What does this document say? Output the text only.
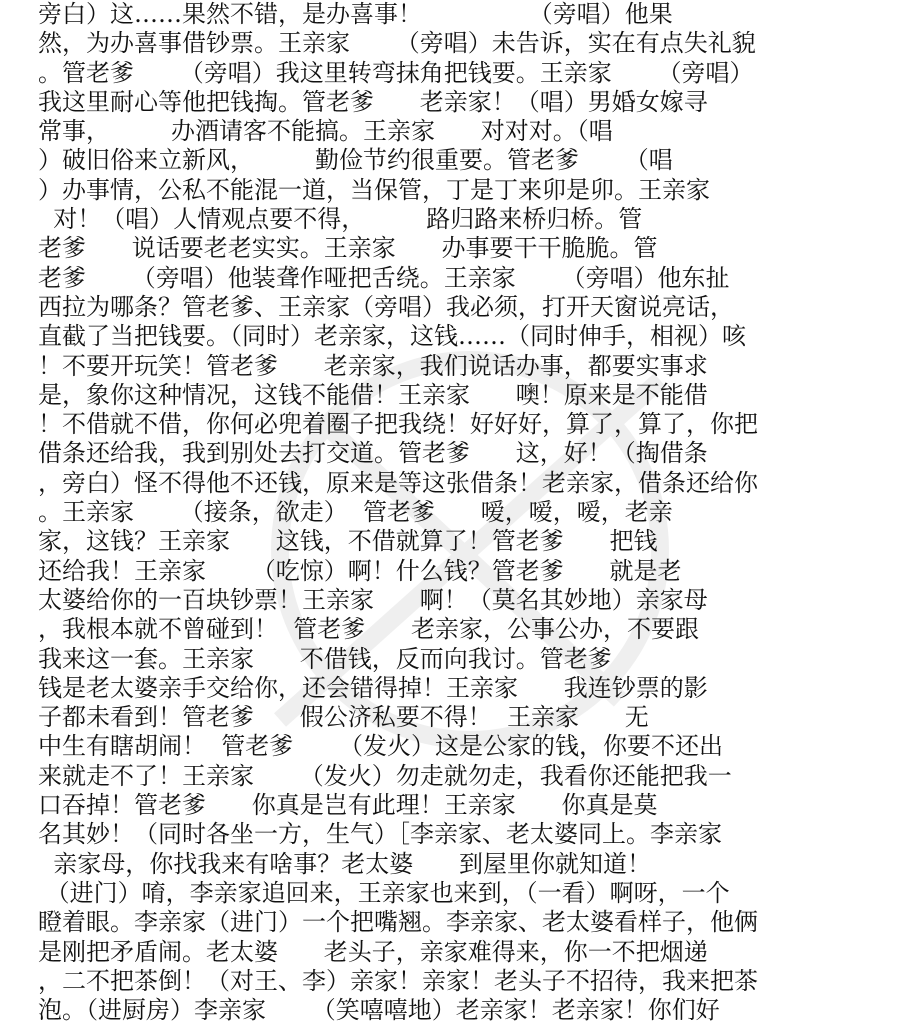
旁白）这……果然不错，是办喜事！              （旁唱）他果
然，为办喜事借钞票。王亲家      （旁唱）未告诉，实在有点失礼貌
。管老爹      （旁唱）我这里转弯抹角把钱要。王亲家      （旁唱）
我这里耐心等他把钱掏。管老爹      老亲家！（唱）男婚女嫁寻
常事，        办酒请客不能搞。王亲家      对对对。（唱
）破旧俗来立新风，        勤俭节约很重要。管老爹      （唱
）办事情，公私不能混一道，当保管，丁是丁来卯是卯。王亲家
对！（唱）人情观点要不得，        路归路来桥归桥。管
老爹      说话要老老实实。王亲家      办事要干干脆脆。管
老爹      （旁唱）他装聋作哑把舌绕。王亲家      （旁唱）他东扯
西拉为哪条？管老爹、王亲家（旁唱）我必须，打开天窗说亮话，
直截了当把钱要。（同时）老亲家，这钱……（同时伸手，相视）咳
！不要开玩笑！管老爹      老亲家，我们说话办事，都要实事求
是，象你这种情况，这钱不能借！王亲家      噢！原来是不能借
！不借就不借，你何必兜着圈子把我绕！好好好，算了，算了，你把
借条还给我，我到别处去打交道。管老爹      这，好！（掏借条
，旁白）怪不得他不还钱，原来是等这张借条！老亲家，借条还给你
。王亲家      （接条，欲走）  管老爹      嗳，嗳，嗳，老亲
家，这钱？王亲家      这钱，不借就算了！管老爹      把钱
还给我！王亲家      （吃惊）啊！什么钱？管老爹      就是老
太婆给你的一百块钞票！王亲家      啊！（莫名其妙地）亲家母
，我根本就不曾碰到！  管老爹      老亲家，公事公办，不要跟
我来这一套。王亲家      不借钱，反而向我讨。管老爹
钱是老太婆亲手交给你，还会错得掉！王亲家      我连钞票的影
子都未看到！管老爹      假公济私要不得！  王亲家      无
中生有瞎胡闹！  管老爹      （发火）这是公家的钱，你要不还出
来就走不了！王亲家      （发火）勿走就勿走，我看你还能把我一
口吞掉！管老爹      你真是岂有此理！王亲家      你真是莫
名其妙！（同时各坐一方，生气）［李亲家、老太婆同上。李亲家
亲家母，你找我来有啥事？老太婆      到屋里你就知道！
（进门）唷，李亲家追回来，王亲家也来到，（一看）啊呀，一个
瞪着眼。李亲家（进门）一个把嘴翘。李亲家、老太婆看样子，他俩
是刚把矛盾闹。老太婆      老头子，亲家难得来，你一不把烟递
，二不把茶倒！（对王、李）亲家！亲家！老头子不招待，我来把茶
泡。（进厨房）李亲家      （笑嘻嘻地）老亲家！老亲家！你们好
